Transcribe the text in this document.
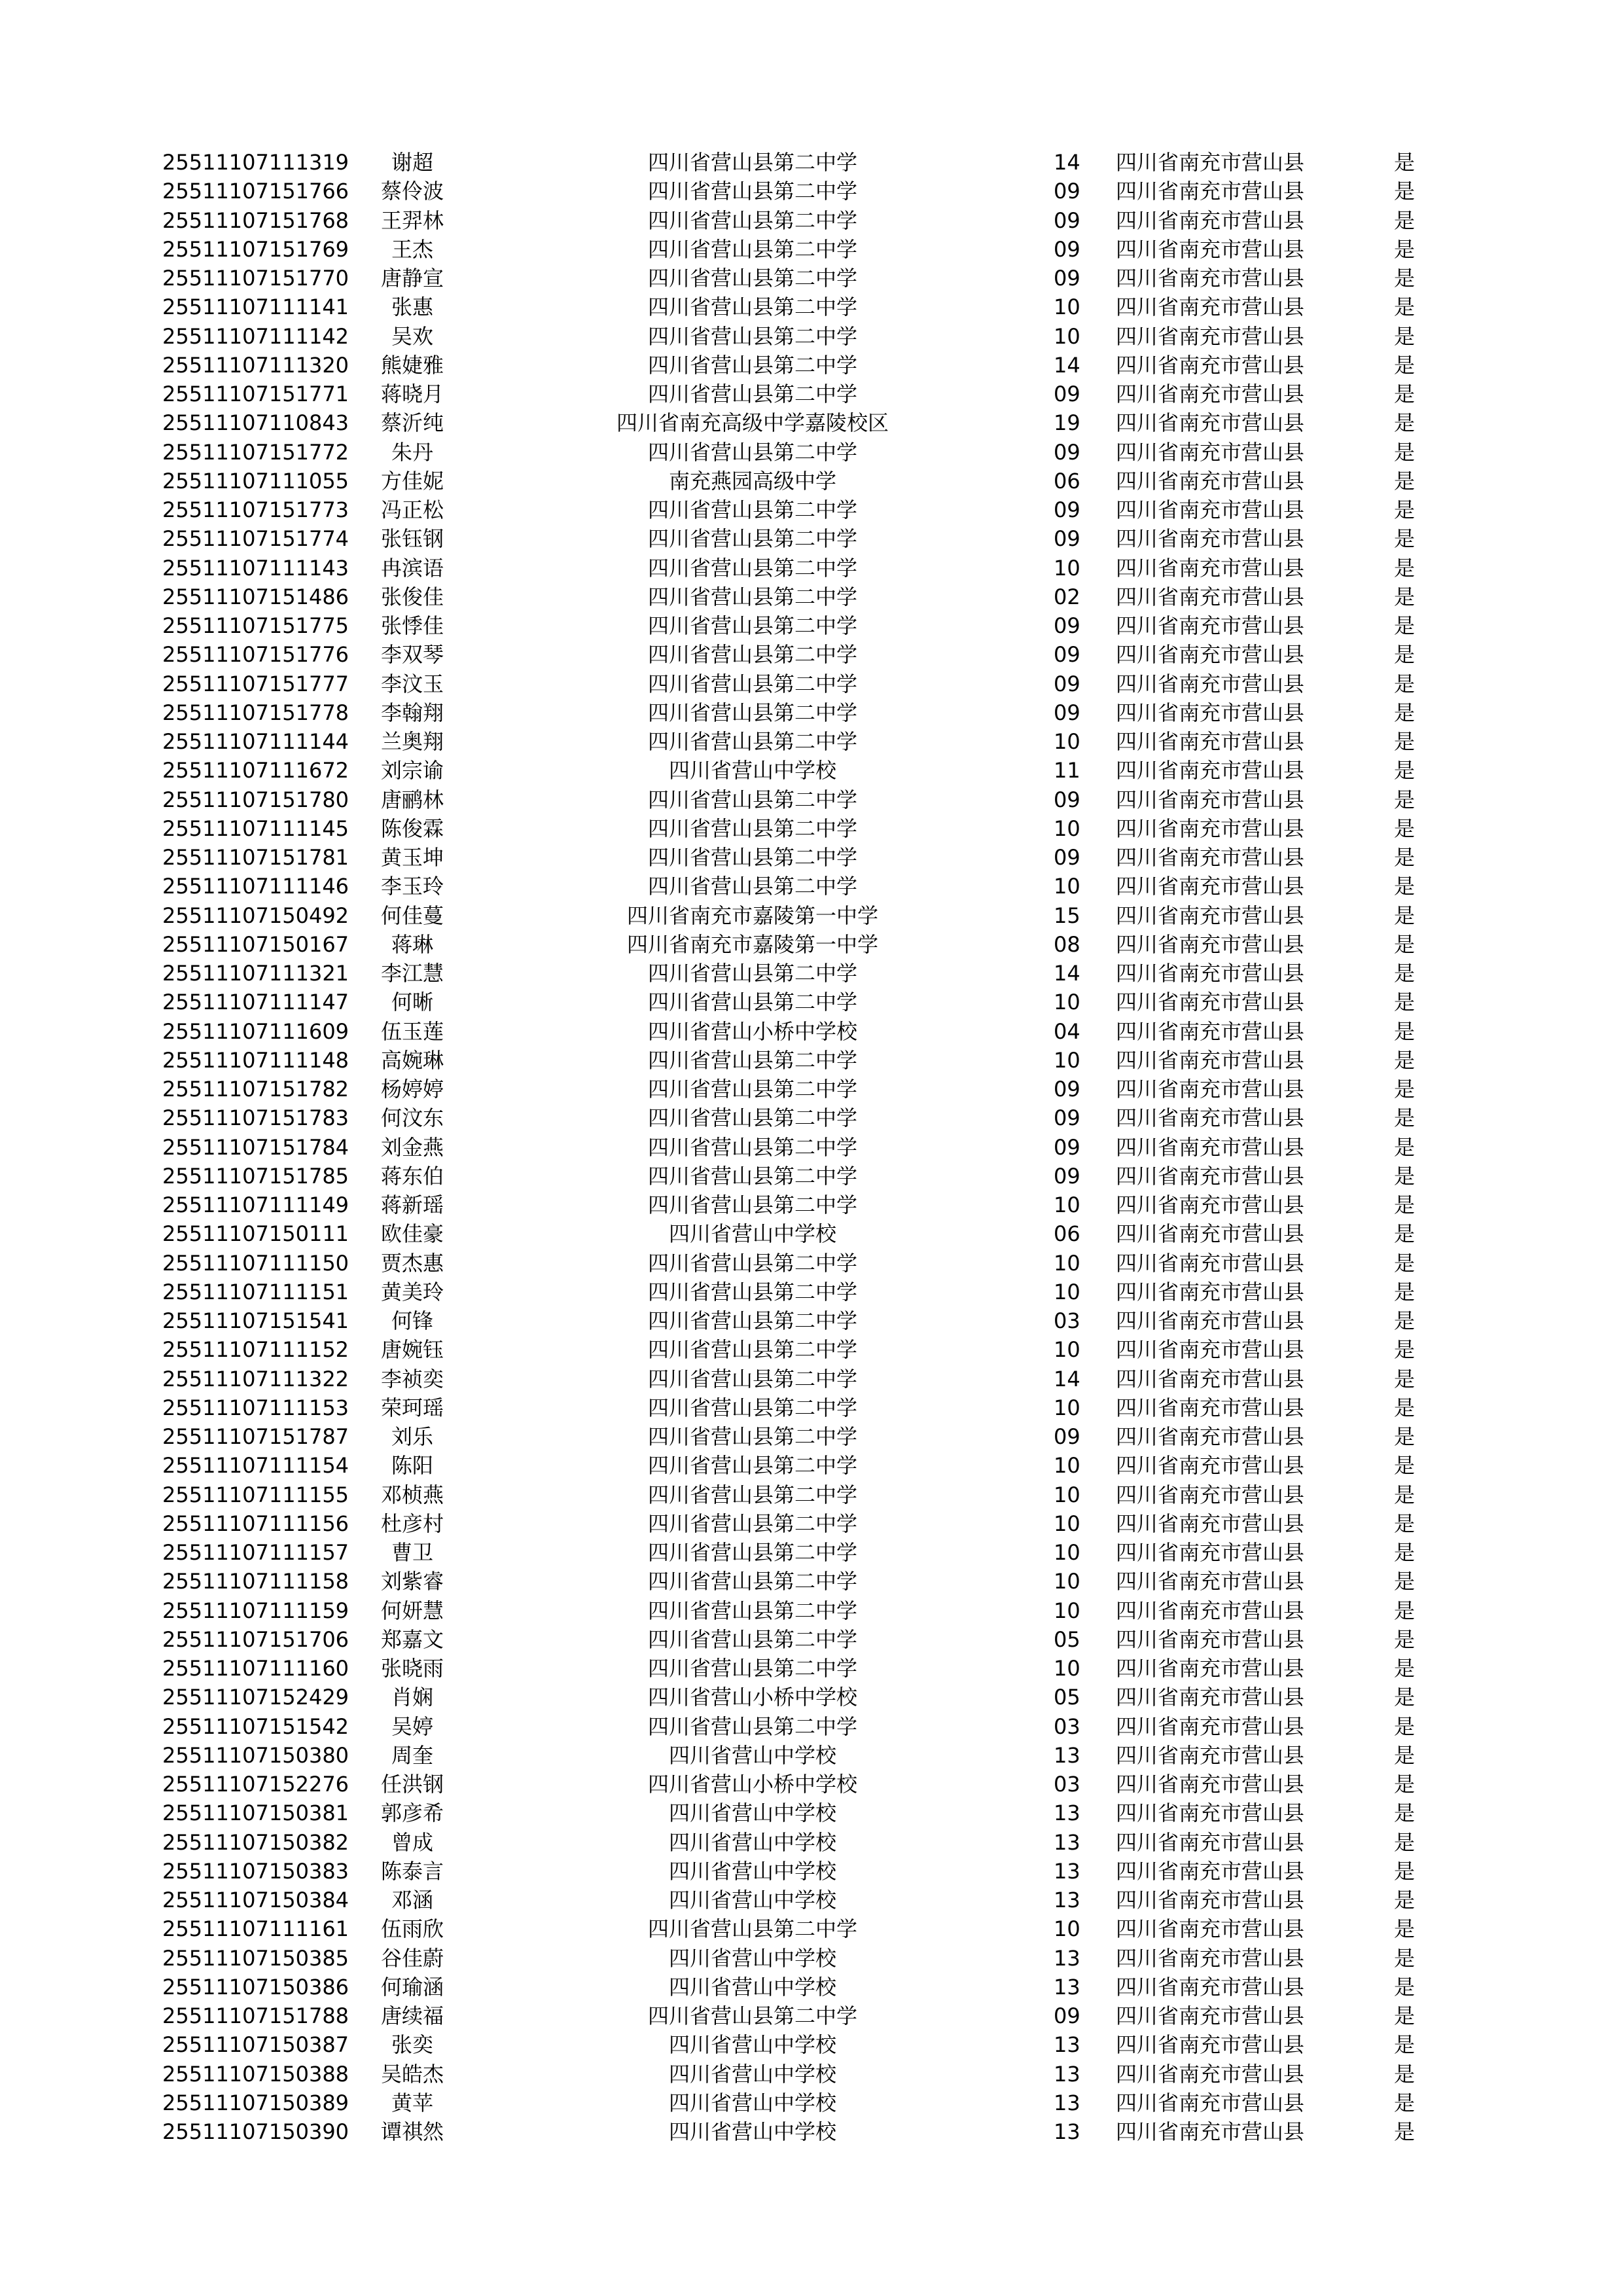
25511107111319	谢超	四川省营山县第二中学	14	四川省南充市营山县	是
25511107151766	蔡伶波	四川省营山县第二中学	09	四川省南充市营山县	是
25511107151768	王羿林	四川省营山县第二中学	09	四川省南充市营山县	是
25511107151769	王杰	四川省营山县第二中学	09	四川省南充市营山县	是
25511107151770	唐静宣	四川省营山县第二中学	09	四川省南充市营山县	是
25511107111141	张惠	四川省营山县第二中学	10	四川省南充市营山县	是
25511107111142	吴欢	四川省营山县第二中学	10	四川省南充市营山县	是
25511107111320	熊婕雅	四川省营山县第二中学	14	四川省南充市营山县	是
25511107151771	蒋晓月	四川省营山县第二中学	09	四川省南充市营山县	是
25511107110843	蔡沂纯	四川省南充高级中学嘉陵校区	19	四川省南充市营山县	是
25511107151772	朱丹	四川省营山县第二中学	09	四川省南充市营山县	是
25511107111055	方佳妮	南充燕园高级中学	06	四川省南充市营山县	是
25511107151773	冯正松	四川省营山县第二中学	09	四川省南充市营山县	是
25511107151774	张钰钢	四川省营山县第二中学	09	四川省南充市营山县	是
25511107111143	冉滨语	四川省营山县第二中学	10	四川省南充市营山县	是
25511107151486	张俊佳	四川省营山县第二中学	02	四川省南充市营山县	是
25511107151775	张悸佳	四川省营山县第二中学	09	四川省南充市营山县	是
25511107151776	李双琴	四川省营山县第二中学	09	四川省南充市营山县	是
25511107151777	李汶玉	四川省营山县第二中学	09	四川省南充市营山县	是
25511107151778	李翰翔	四川省营山县第二中学	09	四川省南充市营山县	是
25511107111144	兰奥翔	四川省营山县第二中学	10	四川省南充市营山县	是
25511107111672	刘宗谕	四川省营山中学校	11	四川省南充市营山县	是
25511107151780	唐鹂林	四川省营山县第二中学	09	四川省南充市营山县	是
25511107111145	陈俊霖	四川省营山县第二中学	10	四川省南充市营山县	是
25511107151781	黄玉坤	四川省营山县第二中学	09	四川省南充市营山县	是
25511107111146	李玉玲	四川省营山县第二中学	10	四川省南充市营山县	是
25511107150492	何佳蔓	四川省南充市嘉陵第一中学	15	四川省南充市营山县	是
25511107150167	蒋琳	四川省南充市嘉陵第一中学	08	四川省南充市营山县	是
25511107111321	李江慧	四川省营山县第二中学	14	四川省南充市营山县	是
25511107111147	何晰	四川省营山县第二中学	10	四川省南充市营山县	是
25511107111609	伍玉莲	四川省营山小桥中学校	04	四川省南充市营山县	是
25511107111148	高婉琳	四川省营山县第二中学	10	四川省南充市营山县	是
25511107151782	杨婷婷	四川省营山县第二中学	09	四川省南充市营山县	是
25511107151783	何汶东	四川省营山县第二中学	09	四川省南充市营山县	是
25511107151784	刘金燕	四川省营山县第二中学	09	四川省南充市营山县	是
25511107151785	蒋东伯	四川省营山县第二中学	09	四川省南充市营山县	是
25511107111149	蒋新瑶	四川省营山县第二中学	10	四川省南充市营山县	是
25511107150111	欧佳豪	四川省营山中学校	06	四川省南充市营山县	是
25511107111150	贾杰惠	四川省营山县第二中学	10	四川省南充市营山县	是
25511107111151	黄美玲	四川省营山县第二中学	10	四川省南充市营山县	是
25511107151541	何锋	四川省营山县第二中学	03	四川省南充市营山县	是
25511107111152	唐婉钰	四川省营山县第二中学	10	四川省南充市营山县	是
25511107111322	李祯奕	四川省营山县第二中学	14	四川省南充市营山县	是
25511107111153	荣珂瑶	四川省营山县第二中学	10	四川省南充市营山县	是
25511107151787	刘乐	四川省营山县第二中学	09	四川省南充市营山县	是
25511107111154	陈阳	四川省营山县第二中学	10	四川省南充市营山县	是
25511107111155	邓桢燕	四川省营山县第二中学	10	四川省南充市营山县	是
25511107111156	杜彦村	四川省营山县第二中学	10	四川省南充市营山县	是
25511107111157	曹卫	四川省营山县第二中学	10	四川省南充市营山县	是
25511107111158	刘紫睿	四川省营山县第二中学	10	四川省南充市营山县	是
25511107111159	何妍慧	四川省营山县第二中学	10	四川省南充市营山县	是
25511107151706	郑嘉文	四川省营山县第二中学	05	四川省南充市营山县	是
25511107111160	张晓雨	四川省营山县第二中学	10	四川省南充市营山县	是
25511107152429	肖娴	四川省营山小桥中学校	05	四川省南充市营山县	是
25511107151542	吴婷	四川省营山县第二中学	03	四川省南充市营山县	是
25511107150380	周奎	四川省营山中学校	13	四川省南充市营山县	是
25511107152276	任洪钢	四川省营山小桥中学校	03	四川省南充市营山县	是
25511107150381	郭彦希	四川省营山中学校	13	四川省南充市营山县	是
25511107150382	曾成	四川省营山中学校	13	四川省南充市营山县	是
25511107150383	陈泰言	四川省营山中学校	13	四川省南充市营山县	是
25511107150384	邓涵	四川省营山中学校	13	四川省南充市营山县	是
25511107111161	伍雨欣	四川省营山县第二中学	10	四川省南充市营山县	是
25511107150385	谷佳蔚	四川省营山中学校	13	四川省南充市营山县	是
25511107150386	何瑜涵	四川省营山中学校	13	四川省南充市营山县	是
25511107151788	唐续福	四川省营山县第二中学	09	四川省南充市营山县	是
25511107150387	张奕	四川省营山中学校	13	四川省南充市营山县	是
25511107150388	吴皓杰	四川省营山中学校	13	四川省南充市营山县	是
25511107150389	黄苹	四川省营山中学校	13	四川省南充市营山县	是
25511107150390	谭祺然	四川省营山中学校	13	四川省南充市营山县	是
